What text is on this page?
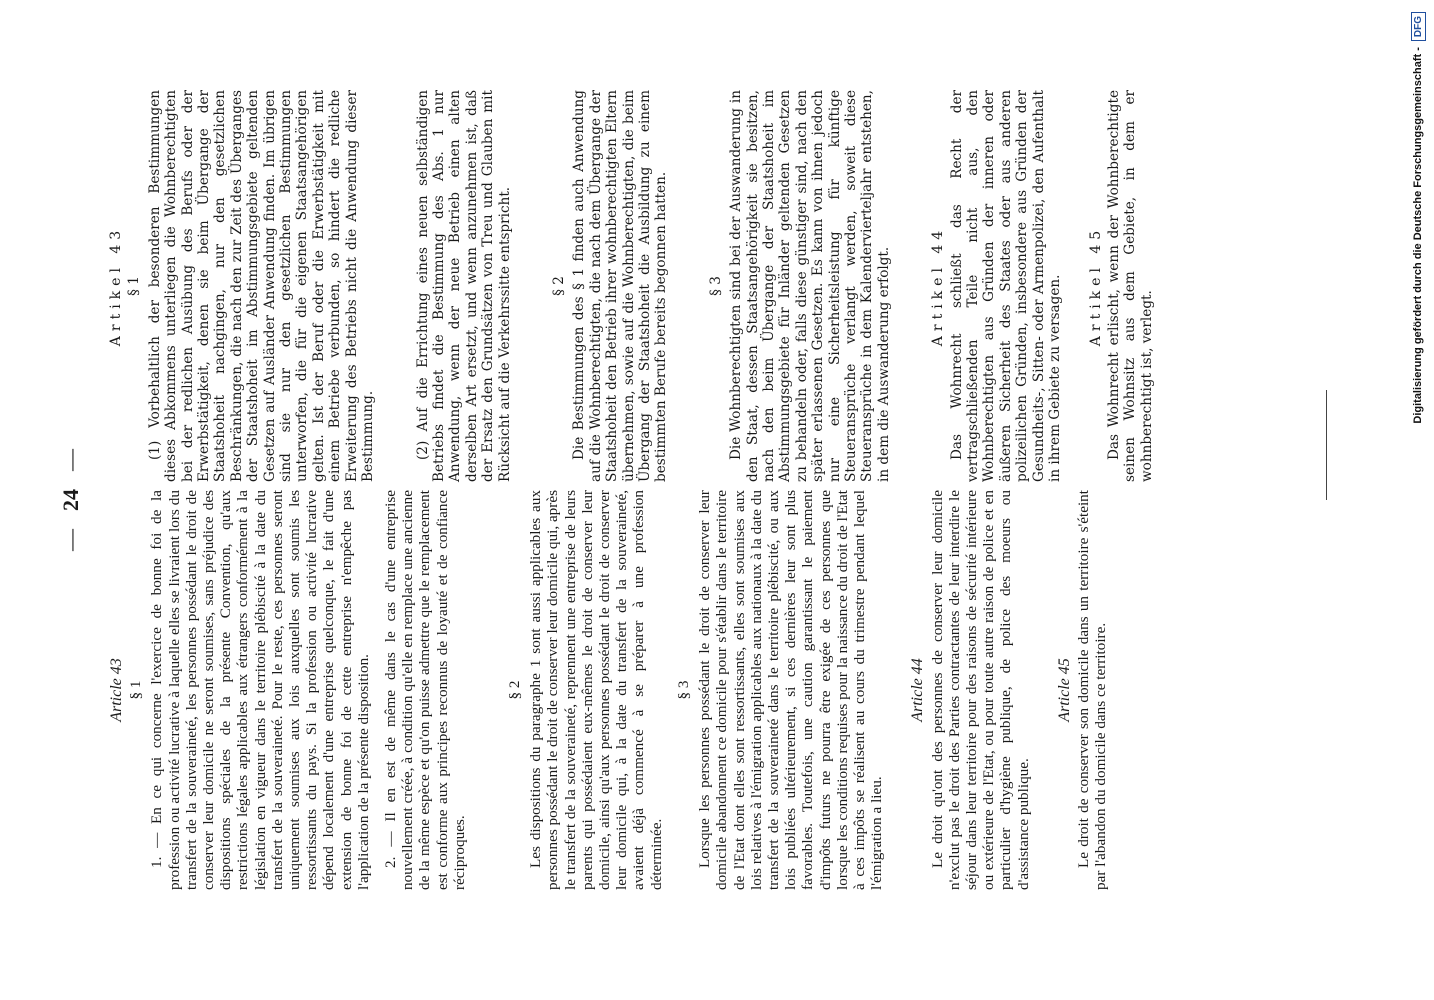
—24—
Article 43 § 1 1. — En ce qui concerne l'exercice de bonne foi de la profession ou activité lucrative à laquelle elles se livraient lors du transfert de la souveraineté, les personnes possédant le droit de conserver leur domicile ne seront soumises, sans préjudice des dispositions spéciales de la présente Convention, qu'aux restrictions légales applicables aux étrangers conformément à la législation en vigueur dans le territoire plébiscité à la date du transfert de la souveraineté. Pour le reste, ces personnes seront uniquement soumises aux lois auxquelles sont soumis les ressortissants du pays. Si la profession ou activité lucrative dépend localement d'une entreprise quelconque, le fait d'une extension de bonne foi de cette entreprise n'empêche pas l'application de la présente disposition. 2. — Il en est de même dans le cas d'une entreprise nouvellement créée, à condition qu'elle en remplace une ancienne de la même espèce et qu'on puisse admettre que le remplacement est conforme aux principes reconnus de loyauté et de confiance réciproques.

§ 2 Les dispositions du paragraphe 1 sont aussi applicables aux personnes possédant le droit de conserver leur domicile qui, après le transfert de la souveraineté, reprennent une entreprise de leurs parents qui possédaient eux-mêmes le droit de conserver leur domicile, ainsi qu'aux personnes possédant le droit de conserver leur domicile qui, à la date du transfert de la souveraineté, avaient déjà commencé à se préparer à une profession déterminée.

§ 3 Lorsque les personnes possédant le droit de conserver leur domicile abandonnent ce domicile pour s'établir dans le territoire de l'Etat dont elles sont ressortissants, elles sont soumises aux lois relatives à l'émigration applicables aux nationaux à la date du transfert de la souveraineté dans le territoire plébiscité, ou aux lois publiées ultérieurement, si ces dernières leur sont plus favorables. Toutefois, une caution garantissant le paiement d'impôts futurs ne pourra être exigée de ces personnes que lorsque les conditions requises pour la naissance du droit de l'Etat à ces impôts se réalisent au cours du trimestre pendant lequel l'émigration a lieu.

Article 44 Le droit qu'ont des personnes de conserver leur domicile n'exclut pas le droit des Parties contractantes de leur interdire le séjour dans leur territoire pour des raisons de sécurité intérieure ou extérieure de l'Etat, ou pour toute autre raison de police et en particulier d'hygiène publique, de police des moeurs ou d'assistance publique.

Article 45 Le droit de conserver son domicile dans un territoire s'éteint par l'abandon du domicile dans ce territoire.

Artikel 43 § 1 (1) Vorbehaltlich der besonderen Bestimmungen dieses Abkommens unterliegen die Wohnberechtigten bei der redlichen Ausübung des Berufs oder der Erwerbstätigkeit, denen sie beim Übergange der Staatshoheit nachgingen, nur den gesetzlichen Beschränkungen, die nach den zur Zeit des Überganges der Staatshoheit im Abstimmungsgebiete geltenden Gesetzen auf Ausländer Anwendung finden. Im übrigen sind sie nur den gesetzlichen Bestimmungen unterworfen, die für die eigenen Staatsangehörigen gelten. Ist der Beruf oder die Erwerbstätigkeit mit einem Betriebe verbunden, so hindert die redliche Erweiterung des Betriebs nicht die Anwendung dieser Bestimmung.	(2) Auf die Errichtung eines neuen selbständigen Betriebs findet die Bestimmung des Abs. 1 nur Anwendung, wenn der neue Betrieb einen alten derselben Art ersetzt, und wenn anzunehmen ist, daß der Ersatz den Grundsätzen von Treu und Glauben mit Rücksicht auf die Verkehrssitte entspricht.	§ 2 Die Bestimmungen des § 1 finden auch Anwendung auf die Wohnberechtigten, die nach dem Übergange der Staatshoheit den Betrieb ihrer wohnberechtigten Eltern übernehmen, sowie auf die Wohnberechtigten, die beim Übergang der Staatshoheit die Ausbildung zu einem bestimmten Berufe bereits begonnen hatten.	§ 3 Die Wohnberechtigten sind bei der Auswanderung in den Staat, dessen Staatsangehörigkeit sie besitzen, nach den beim Übergange der Staatshoheit im Abstimmungsgebiete für Inländer geltenden Gesetzen zu behandeln oder, falls diese günstiger sind, nach den später erlassenen Gesetzen. Es kann von ihnen jedoch nur eine Sicherheitsleistung für künftige Steueransprüche verlangt werden, soweit diese Steueransprüche in dem Kalendervierteljahr entstehen, in dem die Auswanderung erfolgt.	Artikel 44 Das Wohnrecht schließt das Recht der vertragschließenden Teile nicht aus, den Wohnberechtigten aus Gründen der inneren oder äußeren Sicherheit des Staates oder aus anderen polizeilichen Gründen, insbesondere aus Gründen der Gesundheits-, Sitten- oder Armenpolizei, den Aufenthalt in ihrem Gebiete zu versagen. Artikel 45 Das Wohnrecht erlischt, wenn der Wohnberechtigte seinen Wohnsitz aus dem Gebiete, in dem er wohnberechtigt ist, verlegt.	Digitalisierung gefördert durch die Deutsche Forschungsgemeinschaft -
DFG
